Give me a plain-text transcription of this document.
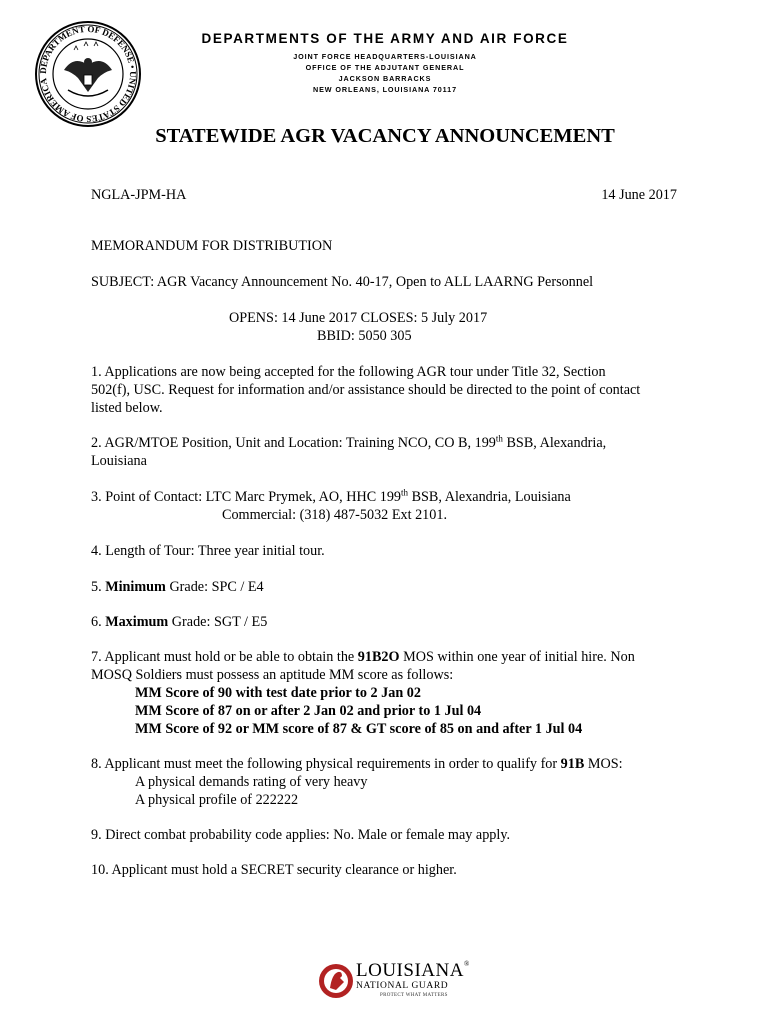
DEPARTMENT OF DEFENSE • UNITED STATES OF AMERICA
DEPARTMENTS OF THE ARMY AND AIR FORCE
JOINT FORCE HEADQUARTERS-LOUISIANA
OFFICE OF THE ADJUTANT GENERAL
JACKSON BARRACKS
NEW ORLEANS, LOUISIANA 70117
STATEWIDE AGR VACANCY ANNOUNCEMENT
NGLA-JPM-HA	14 June 2017
MEMORANDUM FOR DISTRIBUTION
SUBJECT: AGR Vacancy Announcement No. 40-17, Open to ALL LAARNG Personnel
OPENS: 14 June 2017 CLOSES: 5 July 2017
BBID: 5050 305
1. Applications are now being accepted for the following AGR tour under Title 32, Section
502(f), USC. Request for information and/or assistance should be directed to the point of contact
listed below.
2. AGR/MTOE Position, Unit and Location: Training NCO, CO B, 199th BSB, Alexandria,
Louisiana
3. Point of Contact: LTC Marc Prymek, AO, HHC 199th BSB, Alexandria, Louisiana
Commercial: (318) 487-5032 Ext 2101.
4. Length of Tour: Three year initial tour.
5. Minimum Grade: SPC / E4
6. Maximum Grade: SGT / E5
7. Applicant must hold or be able to obtain the 91B2O MOS within one year of initial hire. Non
MOSQ Soldiers must possess an aptitude MM score as follows:
MM Score of 90 with test date prior to 2 Jan 02
MM Score of 87 on or after 2 Jan 02 and prior to 1 Jul 04
MM Score of 92 or MM score of 87 & GT score of 85 on and after 1 Jul 04
8. Applicant must meet the following physical requirements in order to qualify for 91B MOS:
A physical demands rating of very heavy
A physical profile of 222222
9. Direct combat probability code applies: No. Male or female may apply.
10. Applicant must hold a SECRET security clearance or higher.
LOUISIANA®
NATIONAL GUARD
PROTECT WHAT MATTERS
